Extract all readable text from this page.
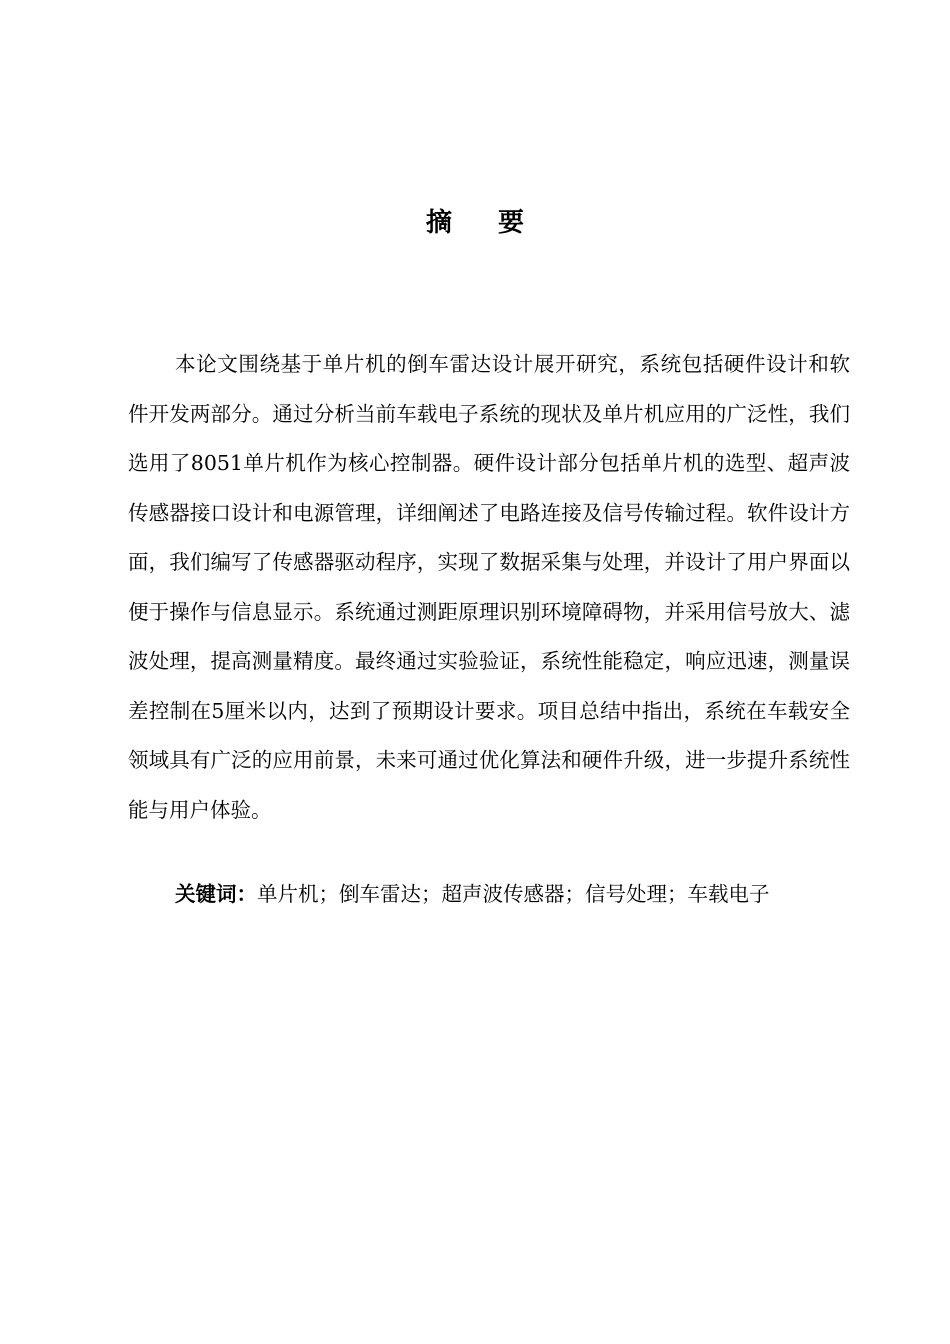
摘 要

本论文围绕基于单片机的倒车雷达设计展开研究，系统包括硬件设计和软件开发两部分。通过分析当前车载电子系统的现状及单片机应用的广泛性，我们选用了8051单片机作为核心控制器。硬件设计部分包括单片机的选型、超声波传感器接口设计和电源管理，详细阐述了电路连接及信号传输过程。软件设计方面，我们编写了传感器驱动程序，实现了数据采集与处理，并设计了用户界面以便于操作与信息显示。系统通过测距原理识别环境障碍物，并采用信号放大、滤波处理，提高测量精度。最终通过实验验证，系统性能稳定，响应迅速，测量误差控制在5厘米以内，达到了预期设计要求。项目总结中指出，系统在车载安全领域具有广泛的应用前景，未来可通过优化算法和硬件升级，进一步提升系统性能与用户体验。

关键词：单片机；倒车雷达；超声波传感器；信号处理；车载电子
